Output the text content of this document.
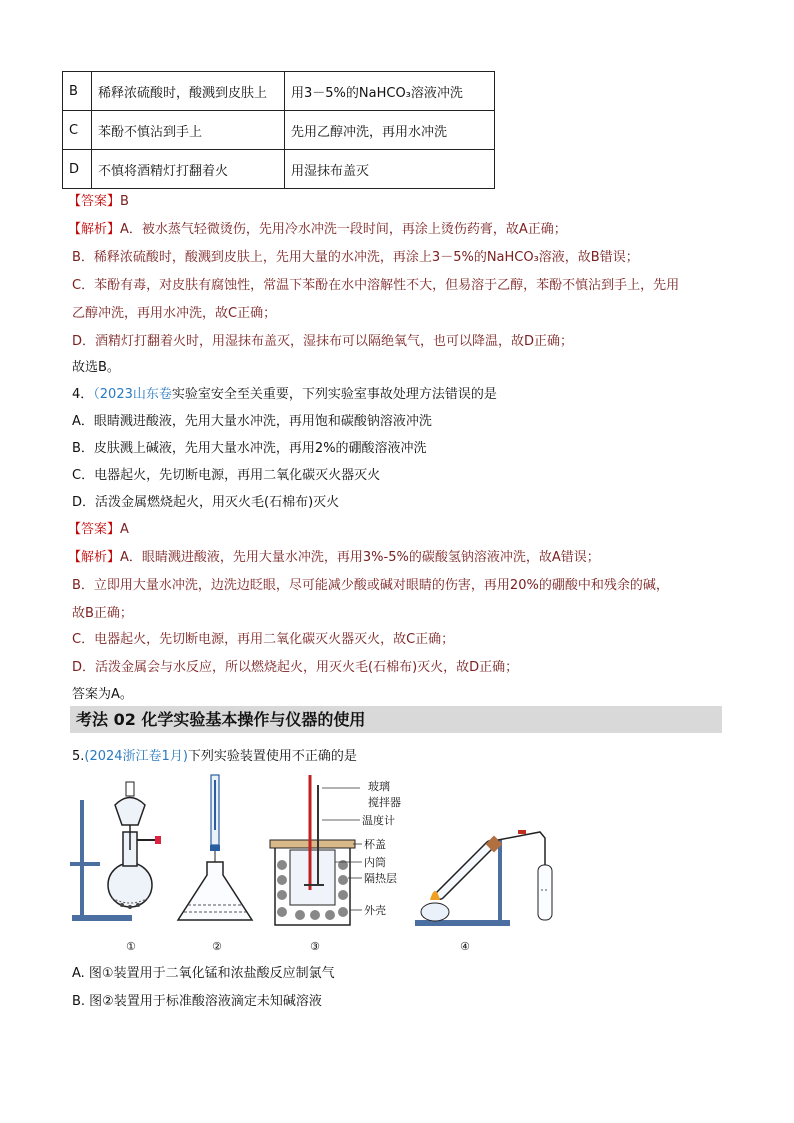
B	稀释浓硫酸时，酸溅到皮肤上	用3－5%的NaHCO₃溶液冲洗
C	苯酚不慎沾到手上	先用乙醇冲洗，再用水冲洗
D	不慎将酒精灯打翻着火	用湿抹布盖灭
【答案】B
【解析】A．被水蒸气轻微烫伤，先用冷水冲洗一段时间，再涂上烫伤药膏，故A正确；
B．稀释浓硫酸时，酸溅到皮肤上，先用大量的水冲洗，再涂上3－5%的NaHCO₃溶液，故B错误；
C．苯酚有毒，对皮肤有腐蚀性，常温下苯酚在水中溶解性不大，但易溶于乙醇，苯酚不慎沾到手上，先用
乙醇冲洗，再用水冲洗，故C正确；
D．酒精灯打翻着火时，用湿抹布盖灭，湿抹布可以隔绝氧气，也可以降温，故D正确；
故选B。
4．（2023山东卷实验室安全至关重要，下列实验室事故处理方法错误的是
A．眼睛溅进酸液，先用大量水冲洗，再用饱和碳酸钠溶液冲洗
B．皮肤溅上碱液，先用大量水冲洗，再用2%的硼酸溶液冲洗
C．电器起火，先切断电源，再用二氧化碳灭火器灭火
D．活泼金属燃烧起火，用灭火毛(石棉布)灭火
【答案】A
【解析】A．眼睛溅进酸液，先用大量水冲洗，再用3%-5%的碳酸氢钠溶液冲洗，故A错误；
B．立即用大量水冲洗，边洗边眨眼，尽可能减少酸或碱对眼睛的伤害，再用20%的硼酸中和残余的碱，
故B正确；
C．电器起火，先切断电源，再用二氧化碳灭火器灭火，故C正确；
D．活泼金属会与水反应，所以燃烧起火，用灭火毛(石棉布)灭火，故D正确；
答案为A。
考法 02 化学实验基本操作与仪器的使用
5.(2024浙江卷1月)下列实验装置使用不正确的是
玻璃
搅拌器
温度计
杯盖
内筒
隔热层
外壳
①	②	③	④
A. 图①装置用于二氧化锰和浓盐酸反应制氯气
B. 图②装置用于标准酸溶液滴定未知碱溶液
